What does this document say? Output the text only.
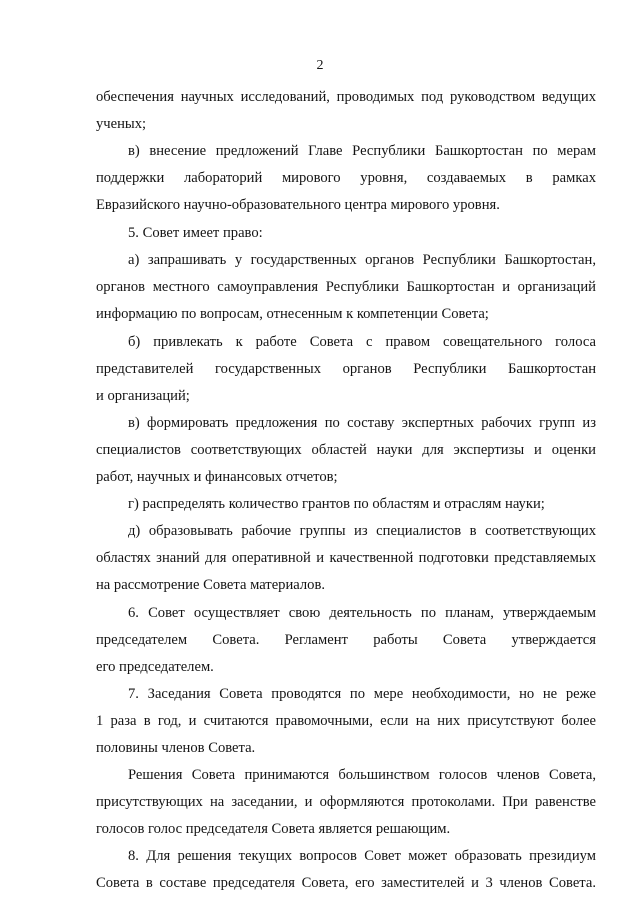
2
обеспечения научных исследований, проводимых под руководством ведущих
ученых;
в) внесение предложений Главе Республики Башкортостан по мерам
поддержки лабораторий мирового уровня, создаваемых в рамках
Евразийского научно-образовательного центра мирового уровня.
5. Совет имеет право:
а) запрашивать у государственных органов Республики Башкортостан,
органов местного самоуправления Республики Башкортостан и организаций
информацию по вопросам, отнесенным к компетенции Совета;
б) привлекать к работе Совета с правом совещательного голоса
представителей государственных органов Республики Башкортостан
и организаций;
в) формировать предложения по составу экспертных рабочих групп из
специалистов соответствующих областей науки для экспертизы и оценки
работ, научных и финансовых отчетов;
г) распределять количество грантов по областям и отраслям науки;
д) образовывать рабочие группы из специалистов в соответствующих
областях знаний для оперативной и качественной подготовки представляемых
на рассмотрение Совета материалов.
6. Совет осуществляет свою деятельность по планам, утверждаемым
председателем Совета. Регламент работы Совета утверждается
его председателем.
7. Заседания Совета проводятся по мере необходимости, но не реже
1 раза в год, и считаются правомочными, если на них присутствуют более
половины членов Совета.
Решения Совета принимаются большинством голосов членов Совета,
присутствующих на заседании, и оформляются протоколами. При равенстве
голосов голос председателя Совета является решающим.
8. Для решения текущих вопросов Совет может образовать президиум
Совета в составе председателя Совета, его заместителей и 3 членов Совета.
